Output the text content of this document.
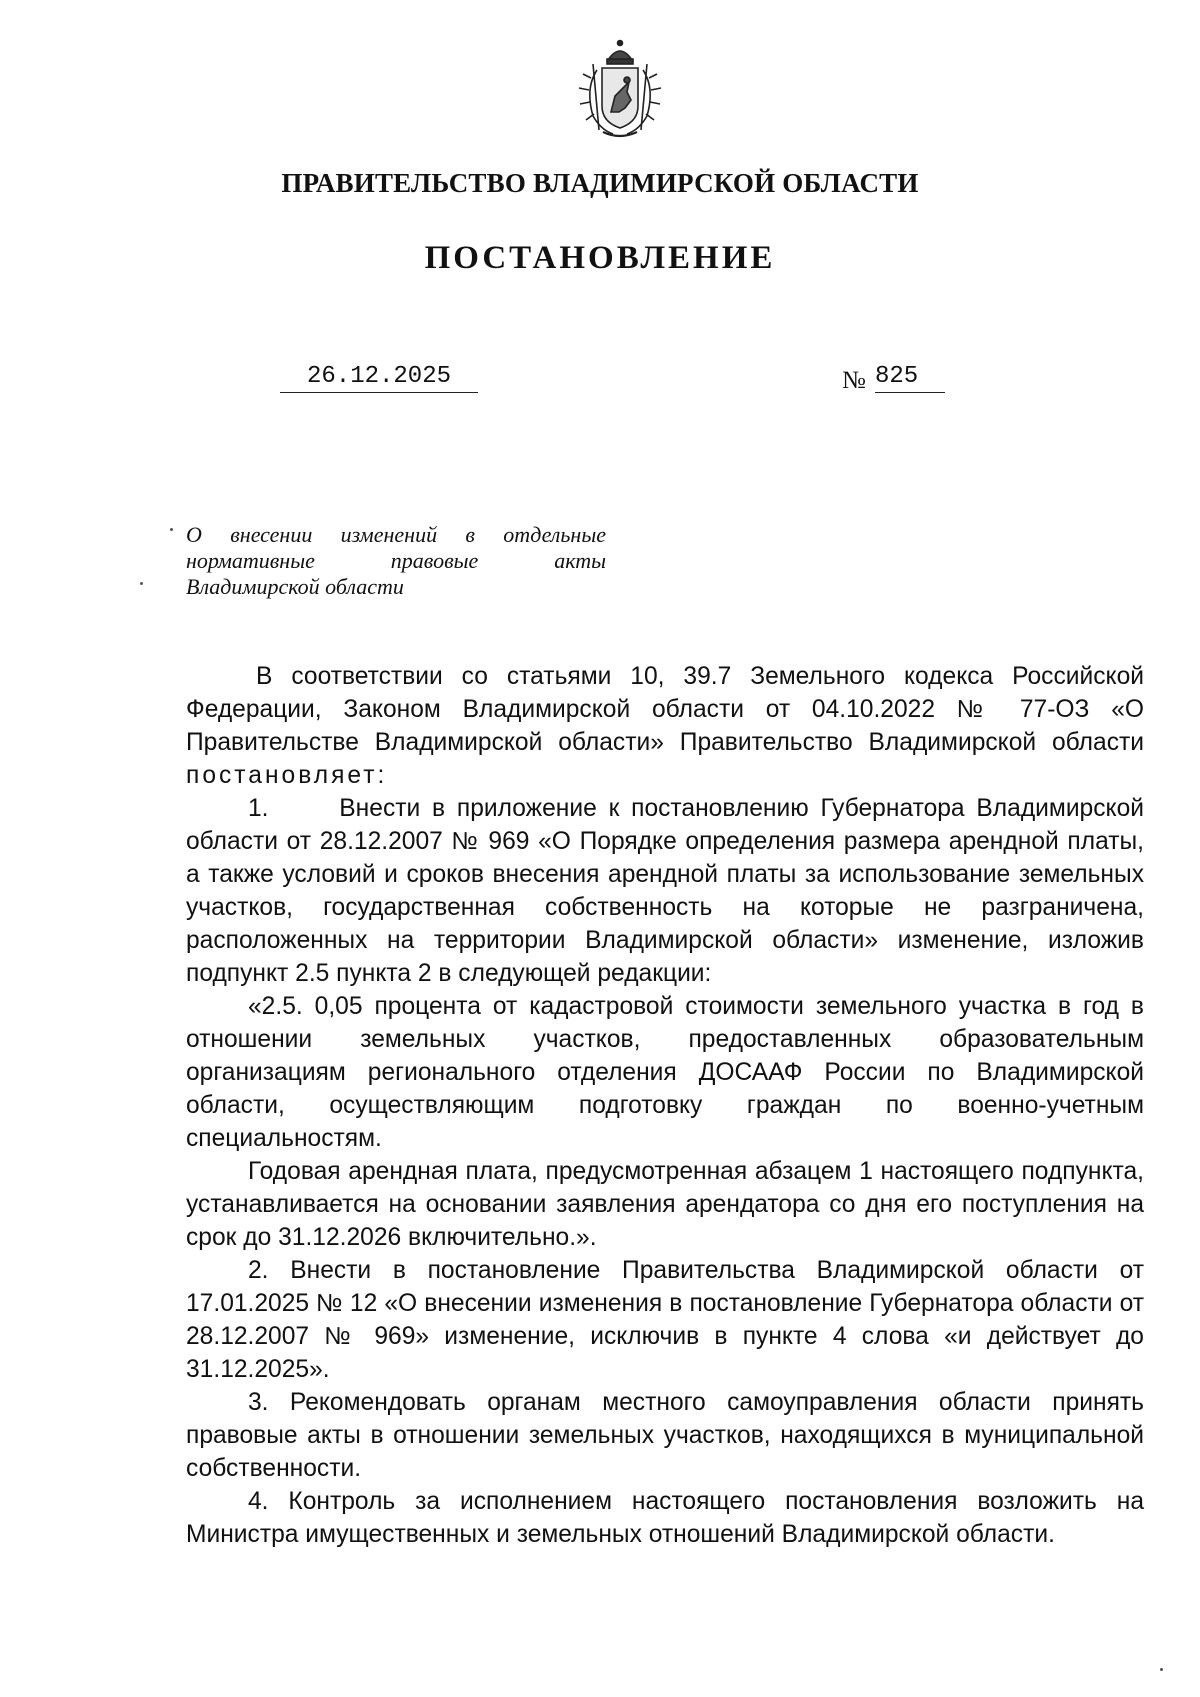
ПРАВИТЕЛЬСТВО ВЛАДИМИРСКОЙ ОБЛАСТИ
ПОСТАНОВЛЕНИЕ
26.12.2025	№ 825
О внесении изменений в отдельные
нормативные правовые акты
Владимирской области

В соответствии со статьями 10, 39.7 Земельного кодекса Российской Федерации, Законом Владимирской области от 04.10.2022 № 77-ОЗ «О Правительстве Владимирской области» Правительство Владимирской области постановляет:

1.      Внести в приложение к постановлению Губернатора Владимирской области от 28.12.2007 № 969 «О Порядке определения размера арендной платы, а также условий и сроков внесения арендной платы за использование земельных участков, государственная собственность на которые не разграничена, расположенных на территории Владимирской области» изменение, изложив подпункт 2.5 пункта 2 в следующей редакции:

«2.5. 0,05 процента от кадастровой стоимости земельного участка в год в отношении земельных участков, предоставленных образовательным организациям регионального отделения ДОСААФ России по Владимирской области, осуществляющим подготовку граждан по военно-учетным специальностям.

Годовая арендная плата, предусмотренная абзацем 1 настоящего подпункта, устанавливается на основании заявления арендатора со дня его поступления на срок до 31.12.2026 включительно.».

2. Внести в постановление Правительства Владимирской области от 17.01.2025 № 12 «О внесении изменения в постановление Губернатора области от 28.12.2007 № 969» изменение, исключив в пункте 4 слова «и действует до 31.12.2025».

3. Рекомендовать органам местного самоуправления области принять правовые акты в отношении земельных участков, находящихся в муниципальной собственности.

4. Контроль за исполнением настоящего постановления возложить на Министра имущественных и земельных отношений Владимирской области.
